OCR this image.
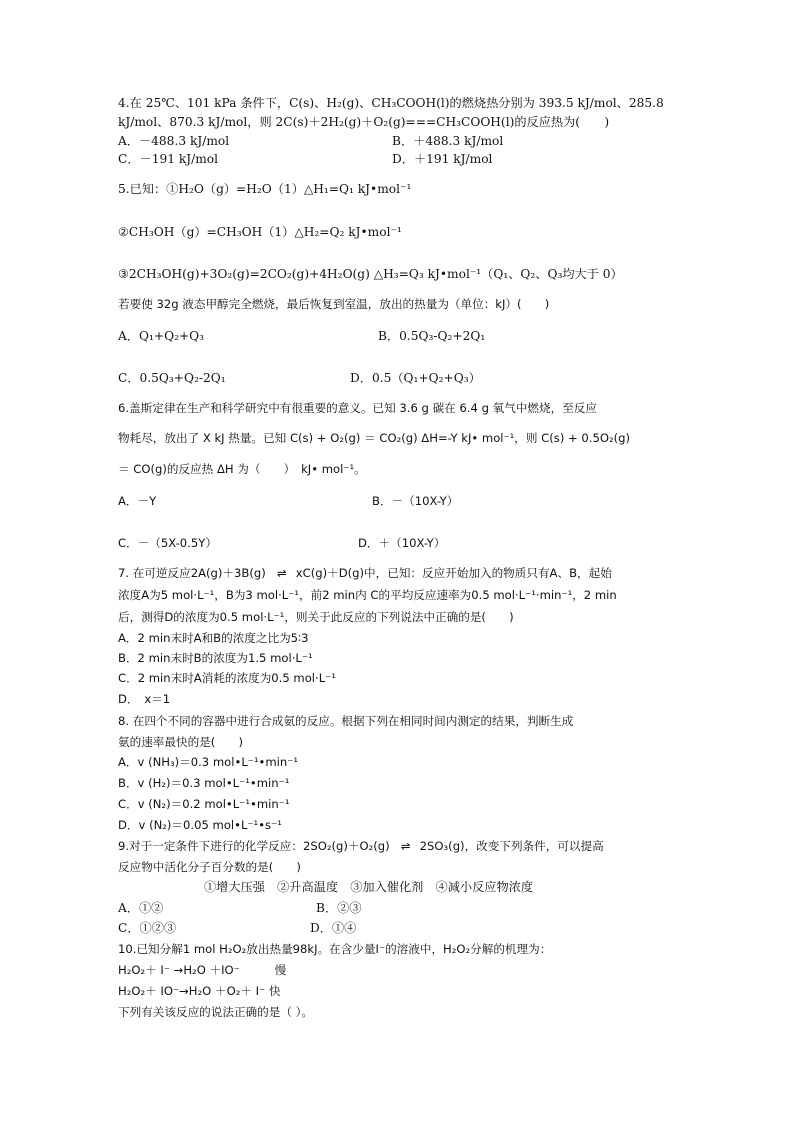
4.在 25℃、101 kPa 条件下，C(s)、H₂(g)、CH₃COOH(l)的燃烧热分别为 393.5 kJ/mol、285.8
kJ/mol、870.3 kJ/mol，则 2C(s)＋2H₂(g)＋O₂(g)===CH₃COOH(l)的反应热为(　　)
A．－488.3 kJ/mol	B．＋488.3 kJ/mol
C．－191 kJ/mol	D．＋191 kJ/mol
5.已知：①H₂O（g）=H₂O（1）△H₁=Q₁ kJ•mol⁻¹
②CH₃OH（g）=CH₃OH（1）△H₂=Q₂ kJ•mol⁻¹
③2CH₃OH(g)+3O₂(g)=2CO₂(g)+4H₂O(g) △H₃=Q₃ kJ•mol⁻¹（Q₁、Q₂、Q₃均大于 0）
若要使 32g 液态甲醇完全燃烧，最后恢复到室温，放出的热量为（单位：kJ）(　　)
A．Q₁+Q₂+Q₃	B．0.5Q₃-Q₂+2Q₁
C．0.5Q₃+Q₂-2Q₁	D．0.5（Q₁+Q₂+Q₃）
6.盖斯定律在生产和科学研究中有很重要的意义。已知 3.6 g 碳在 6.4 g 氧气中燃烧，至反应
物耗尽，放出了 X kJ 热量。已知 C(s) + O₂(g) ＝ CO₂(g) ΔH=-Y kJ• mol⁻¹，则 C(s) + 0.5O₂(g)
＝ CO(g)的反应热 ΔH 为（　　）　kJ• mol⁻¹。
A．－Y	B．－（10X-Y）
C．－（5X-0.5Y）	D．＋（10X-Y）
7. 在可逆反应2A(g)＋3B(g) ⇌ xC(g)＋D(g)中，已知：反应开始加入的物质只有A、B，起始
浓度A为5 mol·L⁻¹，B为3 mol·L⁻¹，前2 min内 C的平均反应速率为0.5 mol·L⁻¹·min⁻¹，2 min
后，测得D的浓度为0.5 mol·L⁻¹，则关于此反应的下列说法中正确的是(　　)
A．2 min末时A和B的浓度之比为5∶3
B．2 min末时B的浓度为1.5 mol·L⁻¹
C．2 min末时A消耗的浓度为0.5 mol·L⁻¹
D．　x＝1
8. 在四个不同的容器中进行合成氨的反应。根据下列在相同时间内测定的结果，判断生成
氨的速率最快的是(　　)
A．v (NH₃)＝0.3 mol•L⁻¹•min⁻¹
B．v (H₂)＝0.3 mol•L⁻¹•min⁻¹
C．v (N₂)＝0.2 mol•L⁻¹•min⁻¹
D．v (N₂)＝0.05 mol•L⁻¹•s⁻¹
9.对于一定条件下进行的化学反应：2SO₂(g)＋O₂(g) ⇌ 2SO₃(g)，改变下列条件，可以提高
反应物中活化分子百分数的是(　　)
①增大压强　②升高温度　③加入催化剂　④减小反应物浓度
A．①②	B．②③
C．①②③	D．①④
10.已知分解1 mol H₂O₂放出热量98kJ。在含少量I⁻的溶液中，H₂O₂分解的机理为：
H₂O₂＋ I⁻ →H₂O ＋IO⁻　　　慢
H₂O₂＋ IO⁻→H₂O ＋O₂＋ I⁻ 快
下列有关该反应的说法正确的是（ ）。
